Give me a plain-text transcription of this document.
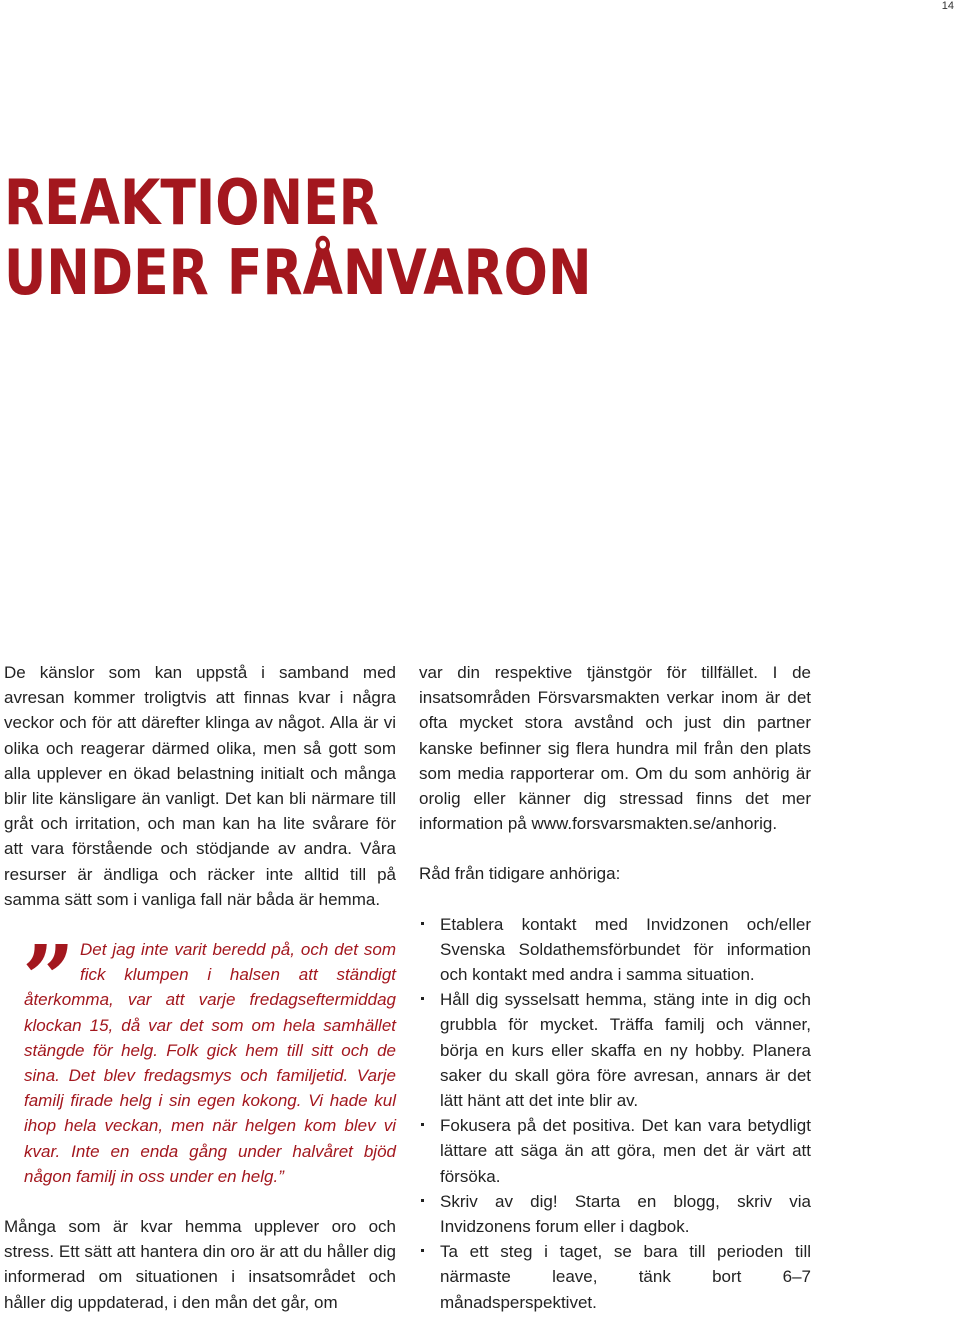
14
REAKTIONER
UNDER FRÅNVARON

De känslor som kan uppstå i samband med avresan kommer troligtvis att finnas kvar i några veckor och för att därefter klinga av något. Alla är vi olika och reagerar därmed olika, men så gott som alla upplever en ökad belastning initialt och många blir lite känsligare än vanligt. Det kan bli närmare till gråt och irritation, och man kan ha lite svårare för att vara förstående och stödjande av andra. Våra resurser är ändliga och räcker inte alltid till på samma sätt som i vanliga fall när båda är hemma.

” Det jag inte varit beredd på, och det som fick klumpen i halsen att ständigt återkomma, var att varje fredagseftermiddag klockan 15, då var det som om hela samhället stängde för helg. Folk gick hem till sitt och de sina. Det blev fredagsmys och familjetid. Varje familj firade helg i sin egen kokong. Vi hade kul ihop hela veckan, men när helgen kom blev vi kvar. Inte en enda gång under halvåret bjöd någon familj in oss under en helg.”

Många som är kvar hemma upplever oro och stress. Ett sätt att hantera din oro är att du håller dig informerad om situationen i insatsområdet och håller dig uppdaterad, i den mån det går, om

var din respektive tjänstgör för tillfället. I de insatsområden Försvarsmakten verkar inom är det ofta mycket stora avstånd och just din partner kanske befinner sig flera hundra mil från den plats som media rapporterar om. Om du som anhörig är orolig eller känner dig stressad finns det mer information på www.forsvarsmakten.se/anhorig.

Råd från tidigare anhöriga:

Etablera kontakt med Invidzonen och/eller Svenska Soldathemsförbundet för information och kontakt med andra i samma situation.
Håll dig sysselsatt hemma, stäng inte in dig och grubbla för mycket. Träffa familj och vänner, börja en kurs eller skaffa en ny hobby. Planera saker du skall göra före avresan, annars är det lätt hänt att det inte blir av.
Fokusera på det positiva. Det kan vara betydligt lättare att säga än att göra, men det är värt att försöka.
Skriv av dig! Starta en blogg, skriv via Invidzonens forum eller i dagbok.
Ta ett steg i taget, se bara till perioden till närmaste leave, tänk bort 6–7 månadsperspektivet.
